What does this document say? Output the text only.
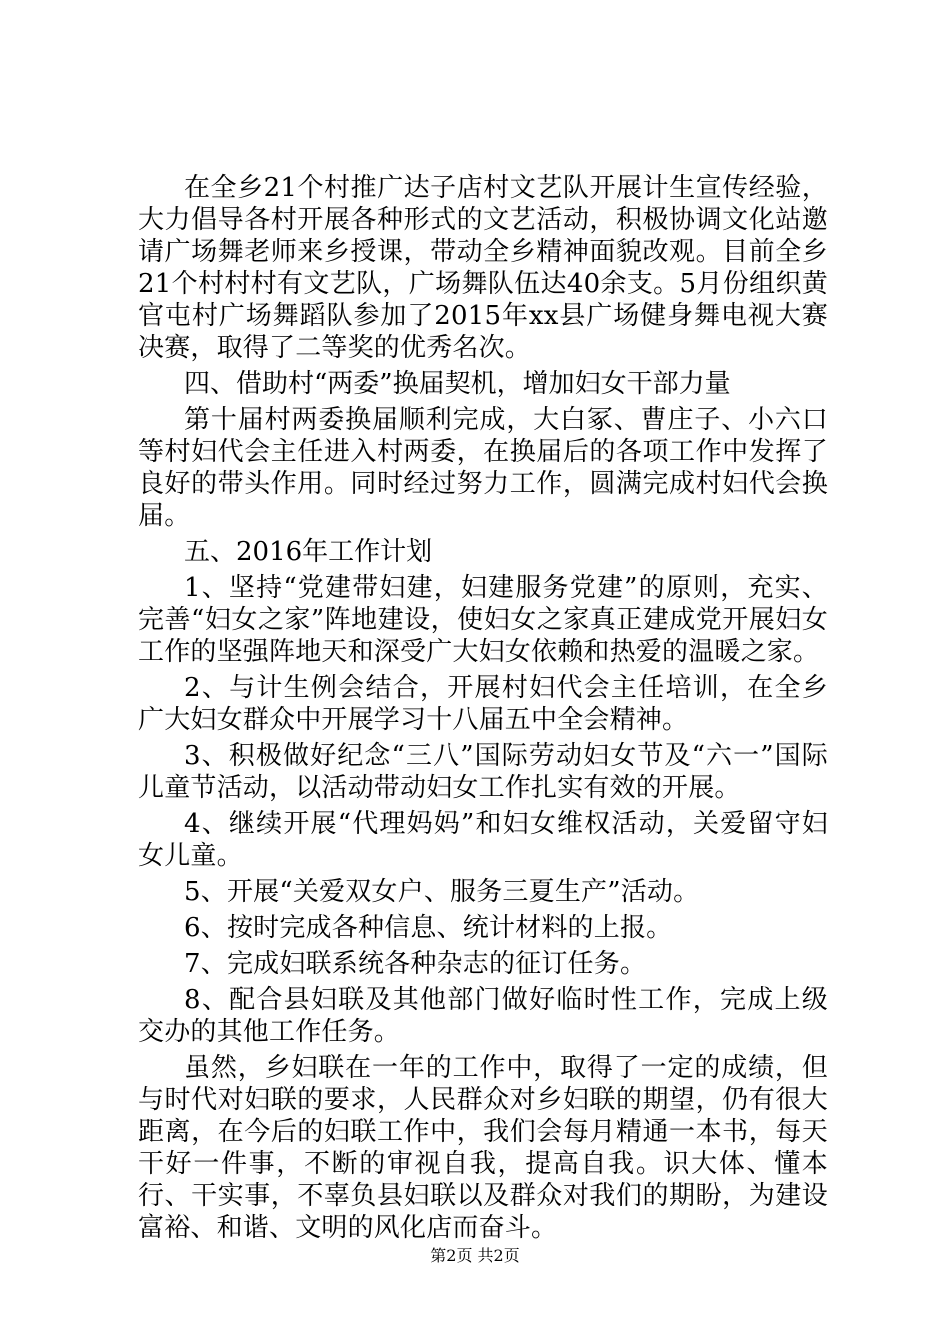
在全乡21个村推广达子店村文艺队开展计生宣传经验，大力倡导各村开展各种形式的文艺活动，积极协调文化站邀请广场舞老师来乡授课，带动全乡精神面貌改观。目前全乡21个村村村有文艺队，广场舞队伍达40余支。5月份组织黄官屯村广场舞蹈队参加了2015年xx县广场健身舞电视大赛决赛，取得了二等奖的优秀名次。

四、借助村“两委”换届契机，增加妇女干部力量

第十届村两委换届顺利完成，大白冢、曹庄子、小六口等村妇代会主任进入村两委，在换届后的各项工作中发挥了良好的带头作用。同时经过努力工作，圆满完成村妇代会换届。

五、2016年工作计划

1、坚持“党建带妇建，妇建服务党建”的原则，充实、完善“妇女之家”阵地建设，使妇女之家真正建成党开展妇女工作的坚强阵地天和深受广大妇女依赖和热爱的温暖之家。

2、与计生例会结合，开展村妇代会主任培训，在全乡广大妇女群众中开展学习十八届五中全会精神。

3、积极做好纪念“三八”国际劳动妇女节及“六一”国际儿童节活动，以活动带动妇女工作扎实有效的开展。

4、继续开展“代理妈妈”和妇女维权活动，关爱留守妇女儿童。

5、开展“关爱双女户、服务三夏生产”活动。

6、按时完成各种信息、统计材料的上报。

7、完成妇联系统各种杂志的征订任务。

8、配合县妇联及其他部门做好临时性工作，完成上级交办的其他工作任务。

虽然，乡妇联在一年的工作中，取得了一定的成绩，但与时代对妇联的要求，人民群众对乡妇联的期望，仍有很大距离，在今后的妇联工作中，我们会每月精通一本书，每天干好一件事，不断的审视自我，提高自我。识大体、懂本行、干实事，不辜负县妇联以及群众对我们的期盼，为建设富裕、和谐、文明的风化店而奋斗。

第2页 共2页
